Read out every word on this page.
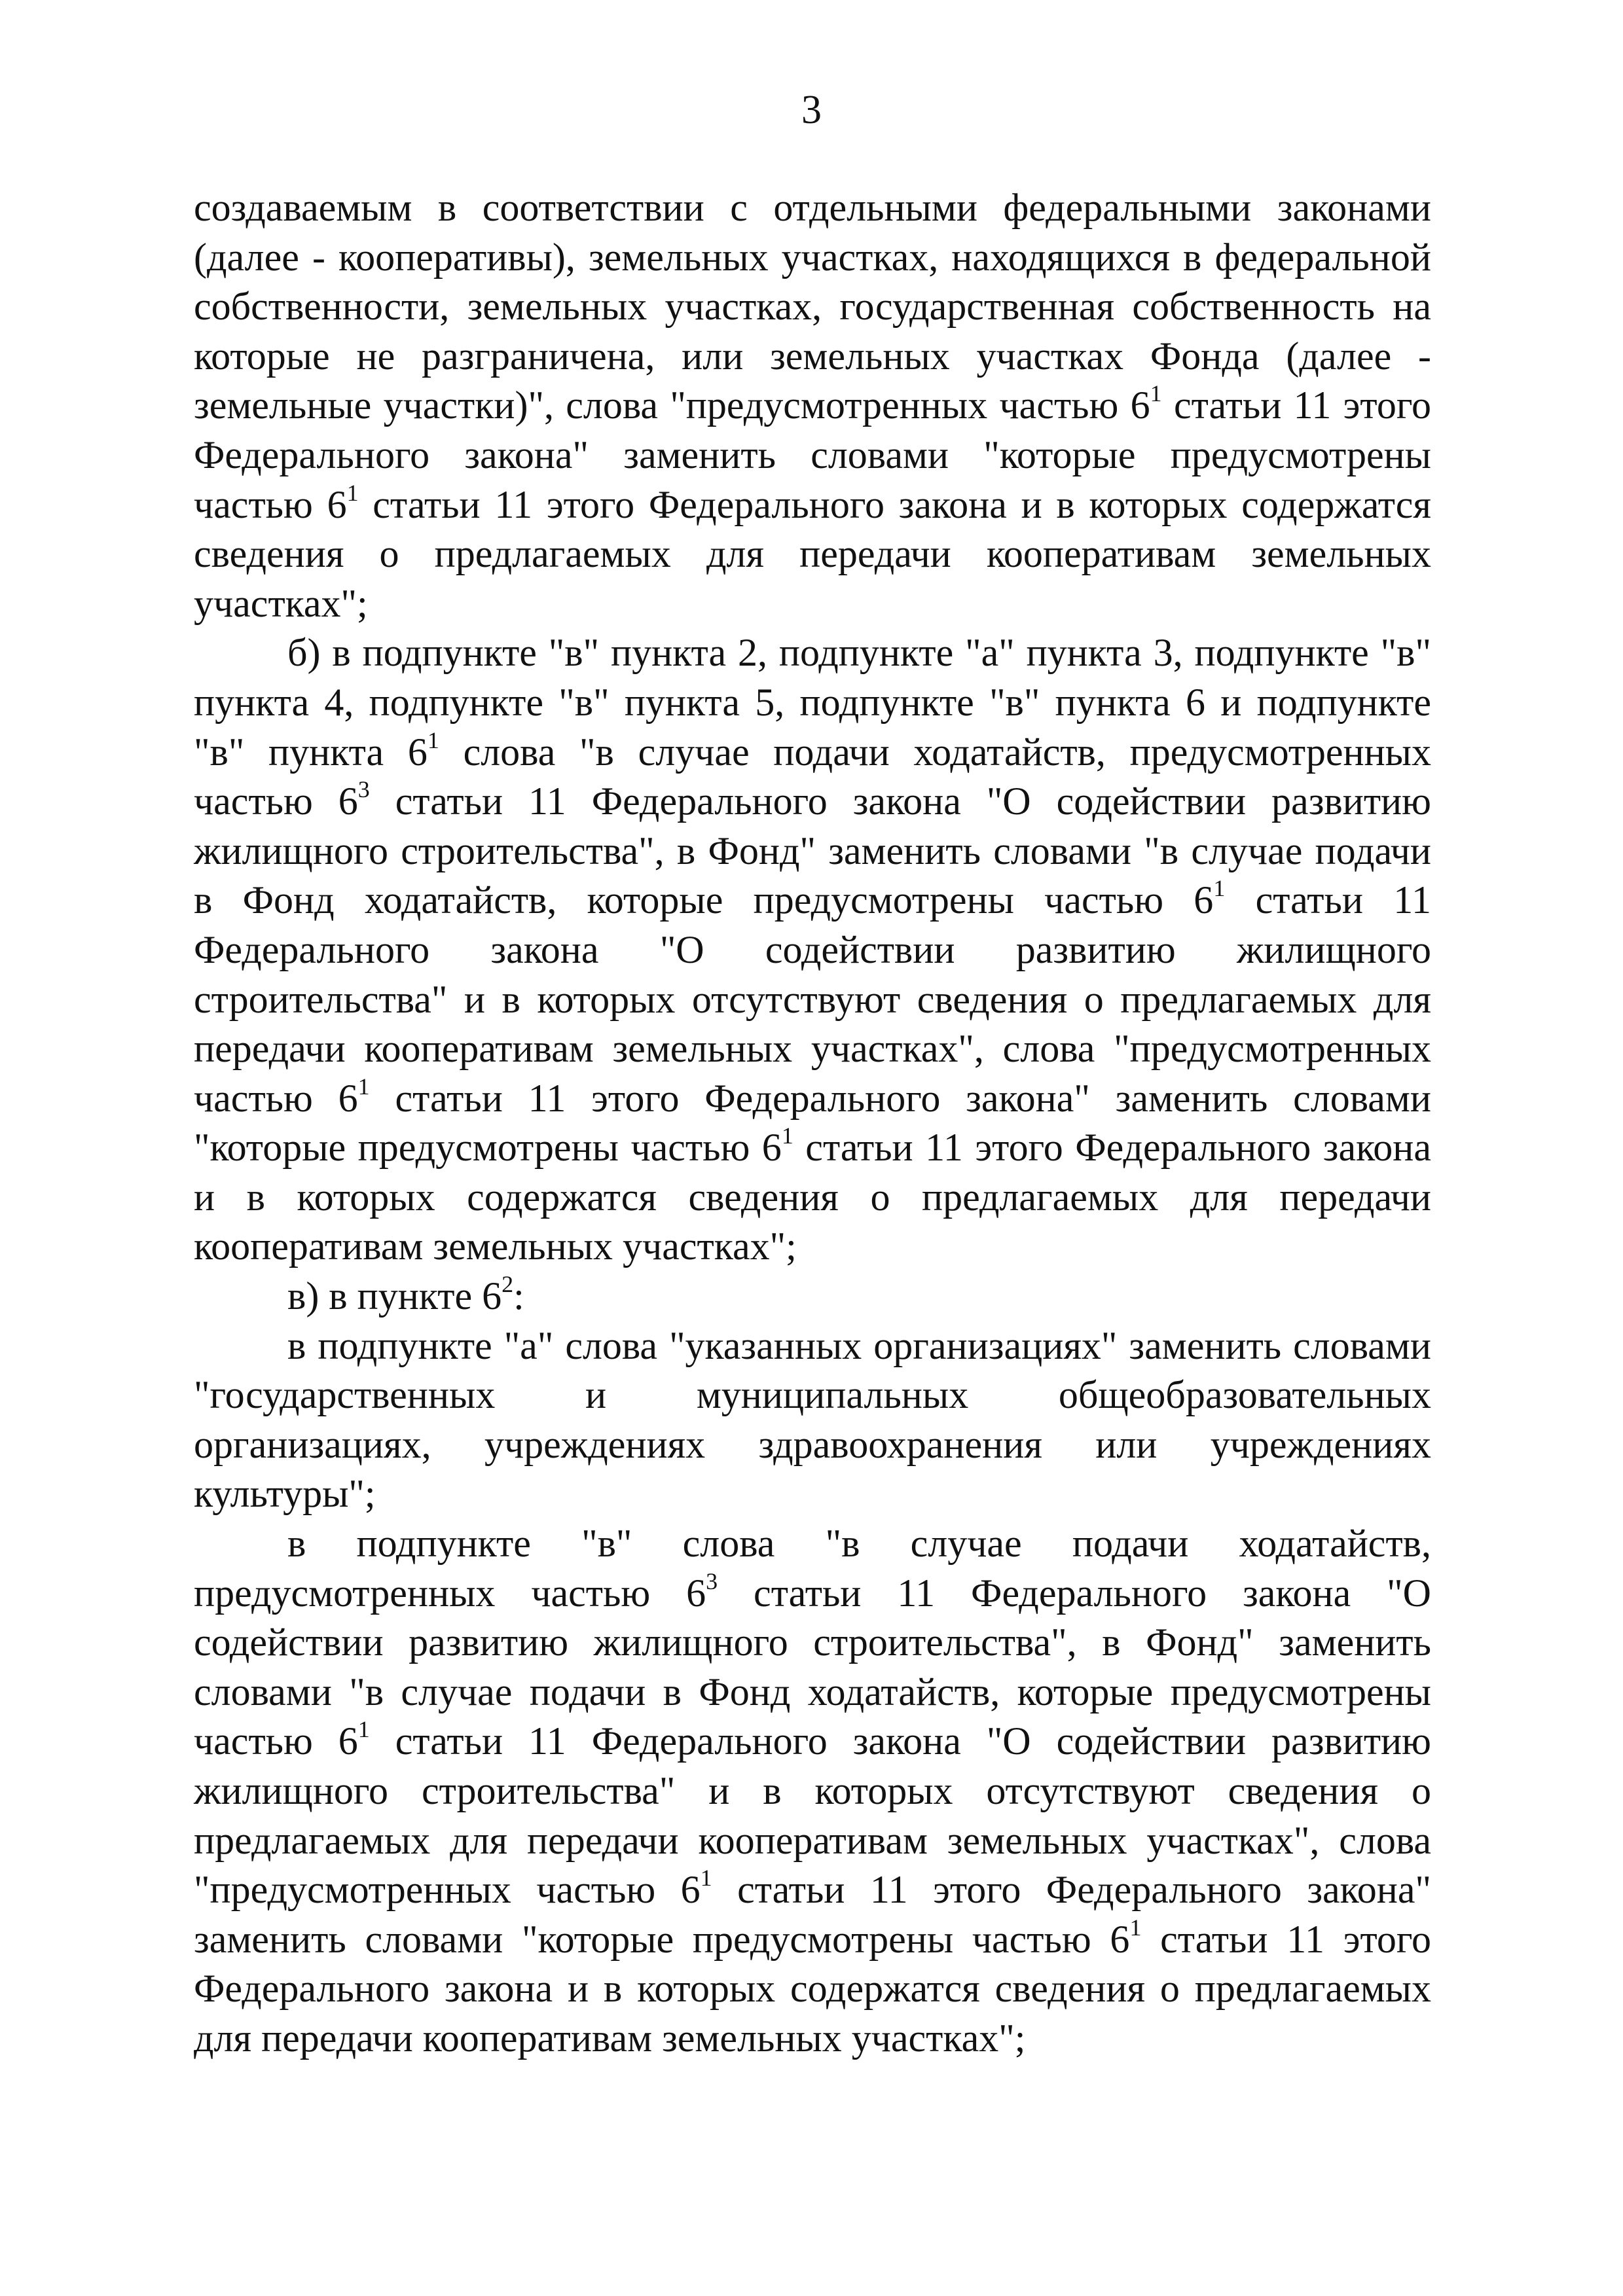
3

создаваемым в соответствии с отдельными федеральными законами (далее - кооперативы), земельных участках, находящихся в федеральной собственности, земельных участках, государственная собственность на которые не разграничена, или земельных участках Фонда (далее - земельные участки)", слова "предусмотренных частью $6^1$ статьи 11 этого Федерального закона" заменить словами "которые предусмотрены частью $6^1$ статьи 11 этого Федерального закона и в которых содержатся сведения о предлагаемых для передачи кооперативам земельных участках";

б) в подпункте "в" пункта 2, подпункте "а" пункта 3, подпункте "в" пункта 4, подпункте "в" пункта 5, подпункте "в" пункта 6 и подпункте "в" пункта $6^1$ слова "в случае подачи ходатайств, предусмотренных частью $6^3$ статьи 11 Федерального закона "О содействии развитию жилищного строительства", в Фонд" заменить словами "в случае подачи в Фонд ходатайств, которые предусмотрены частью $6^1$ статьи 11 Федерального закона "О содействии развитию жилищного строительства" и в которых отсутствуют сведения о предлагаемых для передачи кооперативам земельных участках", слова "предусмотренных частью $6^1$ статьи 11 этого Федерального закона" заменить словами "которые предусмотрены частью $6^1$ статьи 11 этого Федерального закона и в которых содержатся сведения о предлагаемых для передачи кооперативам земельных участках";

в) в пункте $6^2$:

в подпункте "а" слова "указанных организациях" заменить словами "государственных и муниципальных общеобразовательных организациях, учреждениях здравоохранения или учреждениях культуры";

в подпункте "в" слова "в случае подачи ходатайств, предусмотренных частью $6^3$ статьи 11 Федерального закона "О содействии развитию жилищного строительства", в Фонд" заменить словами "в случае подачи в Фонд ходатайств, которые предусмотрены частью $6^1$ статьи 11 Федерального закона "О содействии развитию жилищного строительства" и в которых отсутствуют сведения о предлагаемых для передачи кооперативам земельных участках", слова "предусмотренных частью $6^1$ статьи 11 этого Федерального закона" заменить словами "которые предусмотрены частью $6^1$ статьи 11 этого Федерального закона и в которых содержатся сведения о предлагаемых для передачи кооперативам земельных участках";
